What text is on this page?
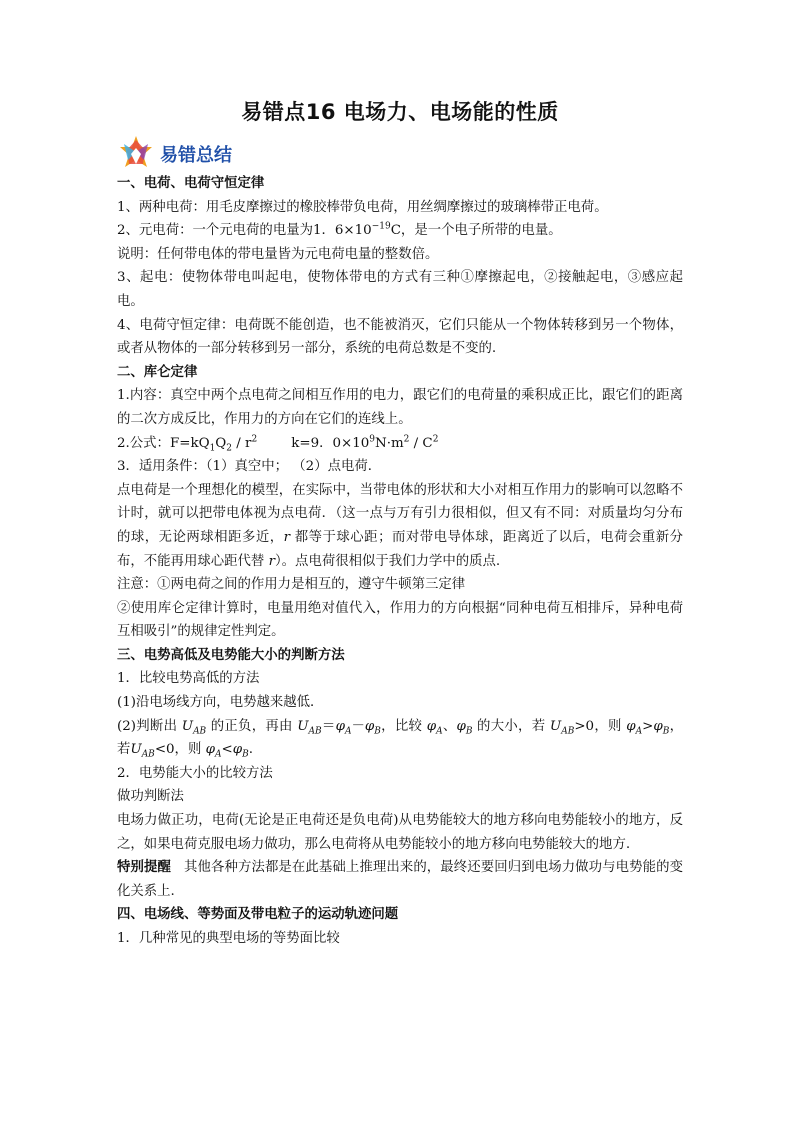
易错点16 电场力、电场能的性质
易错总结
一、电荷、电荷守恒定律
1、两种电荷：用毛皮摩擦过的橡胶棒带负电荷，用丝绸摩擦过的玻璃棒带正电荷。
2、元电荷：一个元电荷的电量为1．$6\times 10^{-19}C$，是一个电子所带的电量。
说明：任何带电体的带电量皆为元电荷电量的整数倍。
3、起电：使物体带电叫起电，使物体带电的方式有三种①摩擦起电，②接触起电，③感应起电。
4、电荷守恒定律：电荷既不能创造，也不能被消灭，它们只能从一个物体转移到另一个物体，或者从物体的一部分转移到另一部分，系统的电荷总数是不变的.
二、库仑定律
1.内容：真空中两个点电荷之间相互作用的电力，跟它们的电荷量的乘积成正比，跟它们的距离的二次方成反比，作用力的方向在它们的连线上。
2.公式：$F=kQ_1Q_2 / r^2$        k=9．$0\times 10^9N\cdot m^2 / C^2$
3．适用条件：（1）真空中； （2）点电荷．
点电荷是一个理想化的模型，在实际中，当带电体的形状和大小对相互作用力的影响可以忽略不计时，就可以把带电体视为点电荷．（这一点与万有引力很相似，但又有不同：对质量均匀分布的球，无论两球相距多近，r 都等于球心距；而对带电导体球，距离近了以后，电荷会重新分布，不能再用球心距代替 r）。点电荷很相似于我们力学中的质点.
注意：①两电荷之间的作用力是相互的，遵守牛顿第三定律
②使用库仑定律计算时，电量用绝对值代入，作用力的方向根据“同种电荷互相排斥，异种电荷互相吸引”的规律定性判定。
三、电势高低及电势能大小的判断方法
1．比较电势高低的方法
(1)沿电场线方向，电势越来越低．
(2)判断出 $U_{AB}$ 的正负，再由 $U_{AB}=\varphi_A-\varphi_B$，比较 $\varphi_A$、$\varphi_B$ 的大小，若 $U_{AB}>0$，则 $\varphi_A>\varphi_B$，若$U_{AB}<0$，则 $\varphi_A<\varphi_B$.
2．电势能大小的比较方法
做功判断法
电场力做正功，电荷(无论是正电荷还是负电荷)从电势能较大的地方移向电势能较小的地方，反之，如果电荷克服电场力做功，那么电荷将从电势能较小的地方移向电势能较大的地方.
特别提醒   其他各种方法都是在此基础上推理出来的，最终还要回归到电场力做功与电势能的变化关系上.
四、电场线、等势面及带电粒子的运动轨迹问题
1．几种常见的典型电场的等势面比较
